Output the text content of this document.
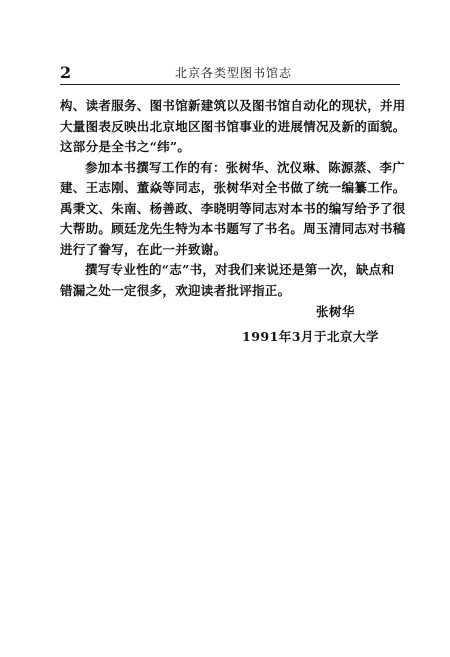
2	北京各类型图书馆志
构、读者服务、图书馆新建筑以及图书馆自动化的现状，并用
大量图表反映出北京地区图书馆事业的进展情况及新的面貌。
这部分是全书之“纬”。
参加本书撰写工作的有：张树华、沈仪琳、陈源蒸、李广
建、王志刚、董焱等同志，张树华对全书做了统一编纂工作。
禹秉文、朱南、杨善政、李晓明等同志对本书的编写给予了很
大帮助。顾廷龙先生特为本书题写了书名。周玉清同志对书稿
进行了誊写，在此一并致谢。
撰写专业性的“志”书，对我们来说还是第一次，缺点和
错漏之处一定很多，欢迎读者批评指正。
张树华
1991年3月于北京大学
